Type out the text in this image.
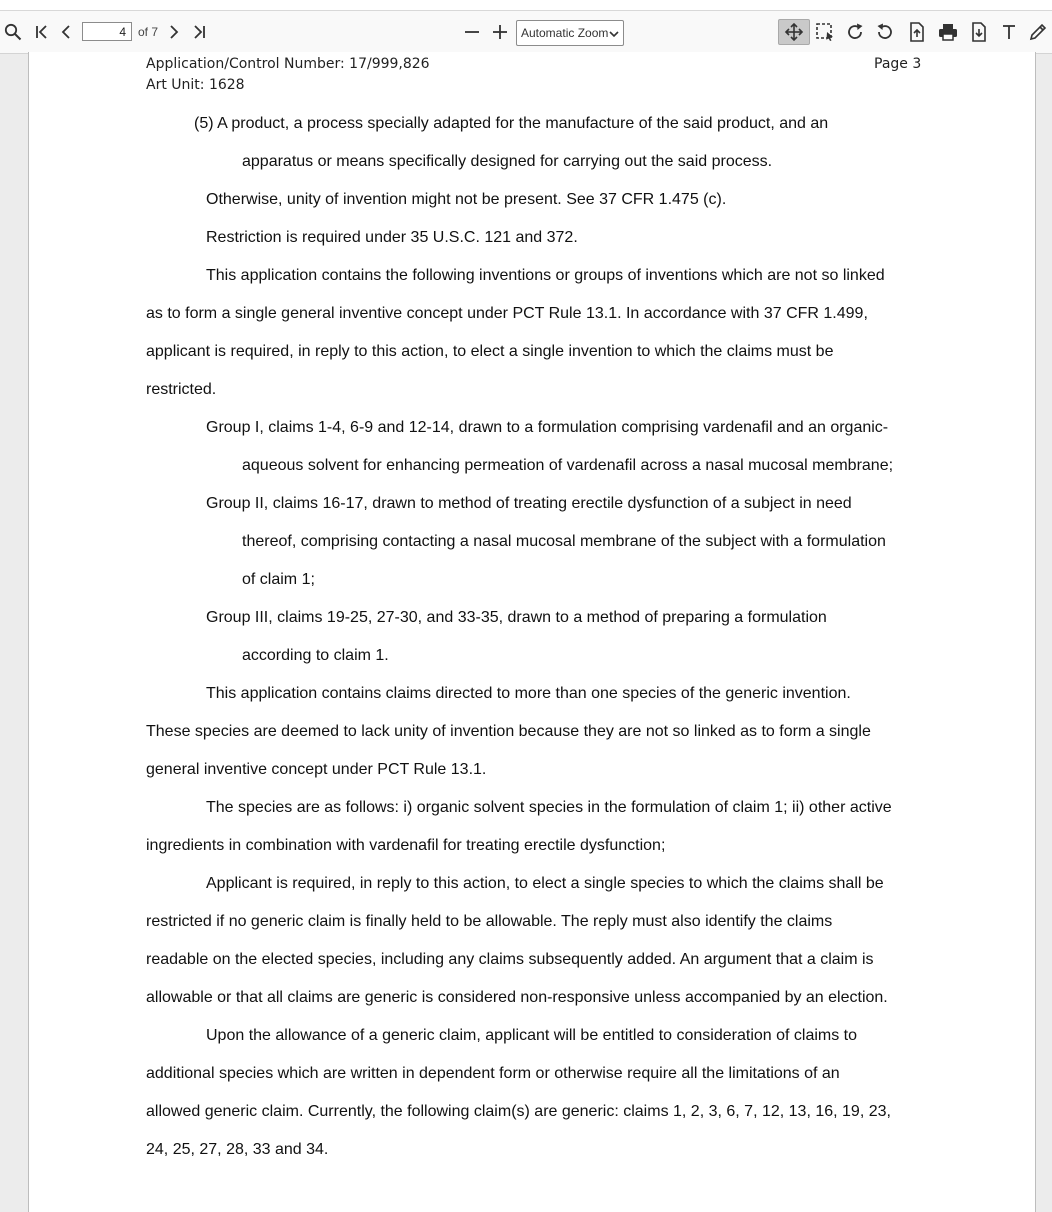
4
of 7	Automatic Zoom
Application/Control Number: 17/999,826
Art Unit: 1628
Page 3
(5) A product, a process specially adapted for the manufacture of the said product, and an
apparatus or means specifically designed for carrying out the said process.
Otherwise, unity of invention might not be present. See 37 CFR 1.475 (c).
Restriction is required under 35 U.S.C. 121 and 372.
This application contains the following inventions or groups of inventions which are not so linked
as to form a single general inventive concept under PCT Rule 13.1. In accordance with 37 CFR 1.499,
applicant is required, in reply to this action, to elect a single invention to which the claims must be
restricted.
Group I, claims 1-4, 6-9 and 12-14, drawn to a formulation comprising vardenafil and an organic-
aqueous solvent for enhancing permeation of vardenafil across a nasal mucosal membrane;
Group II, claims 16-17, drawn to method of treating erectile dysfunction of a subject in need
thereof, comprising contacting a nasal mucosal membrane of the subject with a formulation
of claim 1;
Group III, claims 19-25, 27-30, and 33-35, drawn to a method of preparing a formulation
according to claim 1.
This application contains claims directed to more than one species of the generic invention.
These species are deemed to lack unity of invention because they are not so linked as to form a single
general inventive concept under PCT Rule 13.1.
The species are as follows: i) organic solvent species in the formulation of claim 1; ii) other active
ingredients in combination with vardenafil for treating erectile dysfunction;
Applicant is required, in reply to this action, to elect a single species to which the claims shall be
restricted if no generic claim is finally held to be allowable. The reply must also identify the claims
readable on the elected species, including any claims subsequently added. An argument that a claim is
allowable or that all claims are generic is considered non-responsive unless accompanied by an election.
Upon the allowance of a generic claim, applicant will be entitled to consideration of claims to
additional species which are written in dependent form or otherwise require all the limitations of an
allowed generic claim. Currently, the following claim(s) are generic: claims 1, 2, 3, 6, 7, 12, 13, 16, 19, 23,
24, 25, 27, 28, 33 and 34.
